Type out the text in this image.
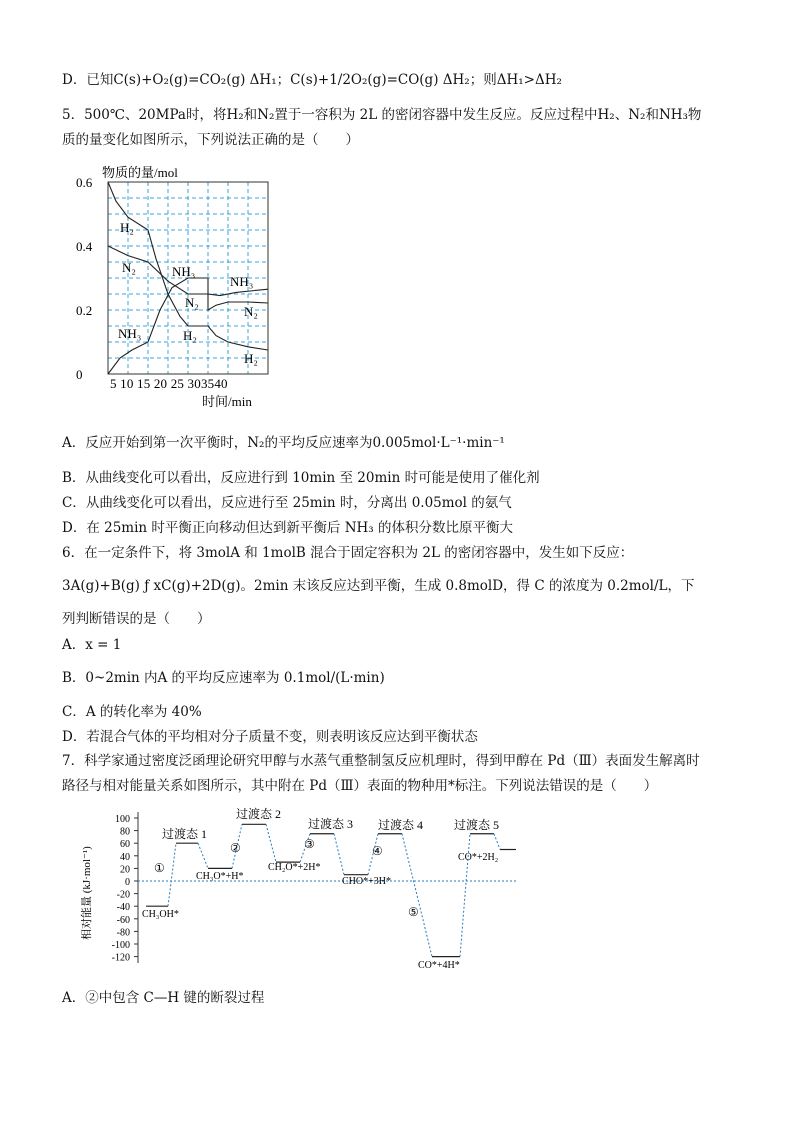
D．已知C(s)+O₂(g)=CO₂(g) ΔH₁；C(s)+1/2O₂(g)=CO(g) ΔH₂；则ΔH₁>ΔH₂
5．500℃、20MPa时，将H₂和N₂置于一容积为 2L 的密闭容器中发生反应。反应过程中H₂、N₂和NH₃物
质的量变化如图所示，下列说法正确的是（　　）
物质的量/mol
0.6
0.4
0.2
0
5 10 15 20 25 303540
时间/min
H₂
N₂	NH₃
NH₃
N₂
H₂
NH₃
N₂
H₂
A．反应开始到第一次平衡时，N₂的平均反应速率为0.005mol·L⁻¹·min⁻¹
B．从曲线变化可以看出，反应进行到 10min 至 20min 时可能是使用了催化剂
C．从曲线变化可以看出，反应进行至 25min 时，分离出 0.05mol 的氨气
D．在 25min 时平衡正向移动但达到新平衡后 NH₃ 的体积分数比原平衡大
6．在一定条件下，将 3molA 和 1molB 混合于固定容积为 2L 的密闭容器中，发生如下反应：
3A(g)+B(g) ƒ xC(g)+2D(g)。2min 末该反应达到平衡，生成 0.8molD，得 C 的浓度为 0.2mol/L，下
列判断错误的是（　　）
A．x = 1
B．0~2min 内A 的平均反应速率为 0.1mol/(L·min)
C．A 的转化率为 40%
D．若混合气体的平均相对分子质量不变，则表明该反应达到平衡状态
7．科学家通过密度泛函理论研究甲醇与水蒸气重整制氢反应机理时，得到甲醇在 Pd（Ⅲ）表面发生解离时
路径与相对能量关系如图所示，其中附在 Pd（Ⅲ）表面的物种用*标注。下列说法错误的是（　　）
相对能量 (kJ·mol⁻¹)
100
80
60
40
20
0
-20
-40
-60
-80
-100
-120
过渡态 1
过渡态 2
过渡态 3 过渡态 4	过渡态 5
①
②	③	④
⑤
CH₃OH*
CH₃O*+H*
CH₂O*+2H*
CHO*+3H*
CO*+4H*
CO*+2H₂
A．②中包含 C—H 键的断裂过程
